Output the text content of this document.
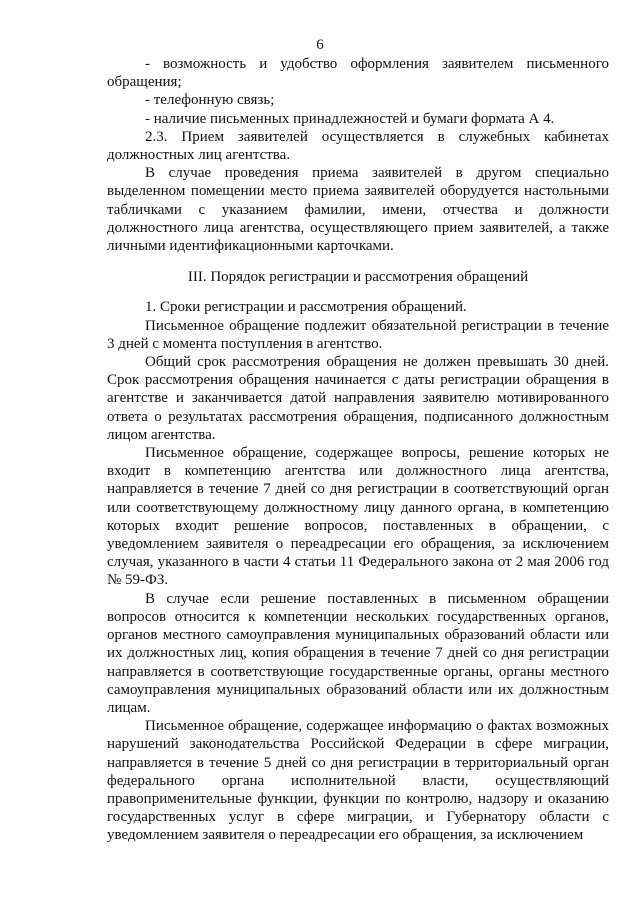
6

- возможность и удобство оформления заявителем письменного обращения;

- телефонную связь;

- наличие письменных принадлежностей и бумаги формата А 4.

2.3. Прием заявителей осуществляется в служебных кабинетах должностных лиц агентства.

В случае проведения приема заявителей в другом специально выделенном помещении место приема заявителей оборудуется настольными табличками с указанием фамилии, имени, отчества и должности должностного лица агентства, осуществляющего прием заявителей, а также личными идентификационными карточками.

III. Порядок регистрации и рассмотрения обращений

1. Сроки регистрации и рассмотрения обращений.

Письменное обращение подлежит обязательной регистрации в течение 3 дней с момента поступления в агентство.

Общий срок рассмотрения обращения не должен превышать 30 дней. Срок рассмотрения обращения начинается с даты регистрации обращения в агентстве и заканчивается датой направления заявителю мотивированного ответа о результатах рассмотрения обращения, подписанного должностным лицом агентства.

Письменное обращение, содержащее вопросы, решение которых не входит в компетенцию агентства или должностного лица агентства, направляется в течение 7 дней со дня регистрации в соответствующий орган или соответствующему должностному лицу данного органа, в компетенцию которых входит решение вопросов, поставленных в обращении, с уведомлением заявителя о переадресации его обращения, за исключением случая, указанного в части 4 статьи 11 Федерального закона от 2 мая 2006 год № 59-ФЗ.

В случае если решение поставленных в письменном обращении вопросов относится к компетенции нескольких государственных органов, органов местного самоуправления муниципальных образований области или их должностных лиц, копия обращения в течение 7 дней со дня регистрации направляется в соответствующие государственные органы, органы местного самоуправления муниципальных образований области или их должностным лицам.

Письменное обращение, содержащее информацию о фактах возможных нарушений законодательства Российской Федерации в сфере миграции, направляется в течение 5 дней со дня регистрации в территориальный орган федерального органа исполнительной власти, осуществляющий правоприменительные функции, функции по контролю, надзору и оказанию государственных услуг в сфере миграции, и Губернатору области с уведомлением заявителя о переадресации его обращения, за исключением
